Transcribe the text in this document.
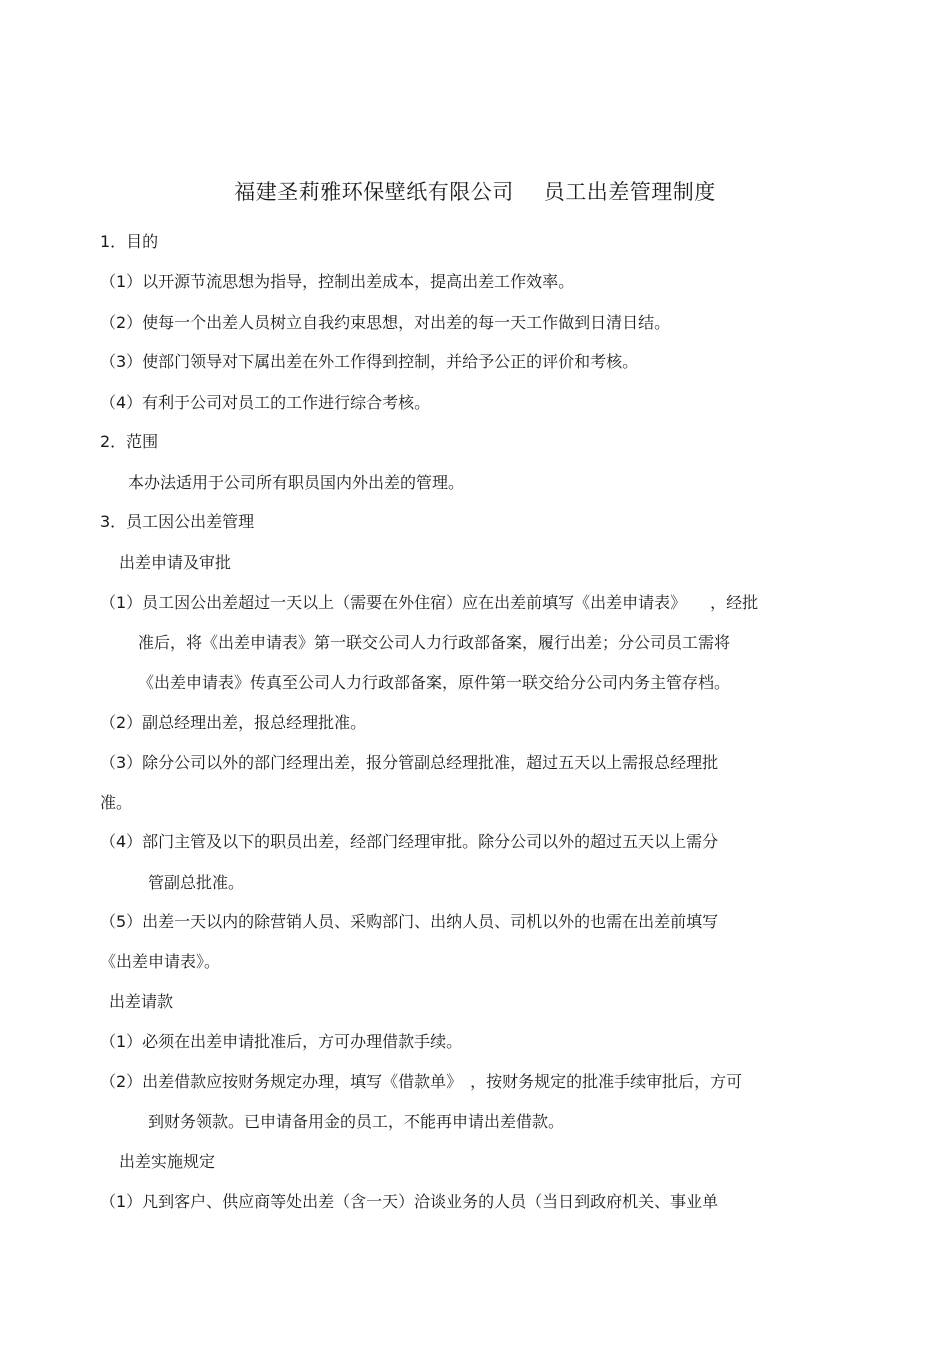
福建圣莉雅环保壁纸有限公司 员工出差管理制度
1．目的
（1）以开源节流思想为指导，控制出差成本，提高出差工作效率。
（2）使每一个出差人员树立自我约束思想，对出差的每一天工作做到日清日结。
（3）使部门领导对下属出差在外工作得到控制，并给予公正的评价和考核。
（4）有利于公司对员工的工作进行综合考核。
2．范围
本办法适用于公司所有职员国内外出差的管理。
3．员工因公出差管理
出差申请及审批
（1）员工因公出差超过一天以上（需要在外住宿）应在出差前填写《出差申请表》　　，经批
准后，将《出差申请表》第一联交公司人力行政部备案，履行出差；分公司员工需将
《出差申请表》传真至公司人力行政部备案，原件第一联交给分公司内务主管存档。
（2）副总经理出差，报总经理批准。
（3）除分公司以外的部门经理出差，报分管副总经理批准，超过五天以上需报总经理批
准。
（4）部门主管及以下的职员出差，经部门经理审批。除分公司以外的超过五天以上需分
管副总批准。
（5）出差一天以内的除营销人员、采购部门、出纳人员、司机以外的也需在出差前填写
《出差申请表》。
出差请款
（1）必须在出差申请批准后，方可办理借款手续。
（2）出差借款应按财务规定办理，填写《借款单》　，按财务规定的批准手续审批后，方可
到财务领款。已申请备用金的员工，不能再申请出差借款。
出差实施规定
（1）凡到客户、供应商等处出差（含一天）洽谈业务的人员（当日到政府机关、事业单
